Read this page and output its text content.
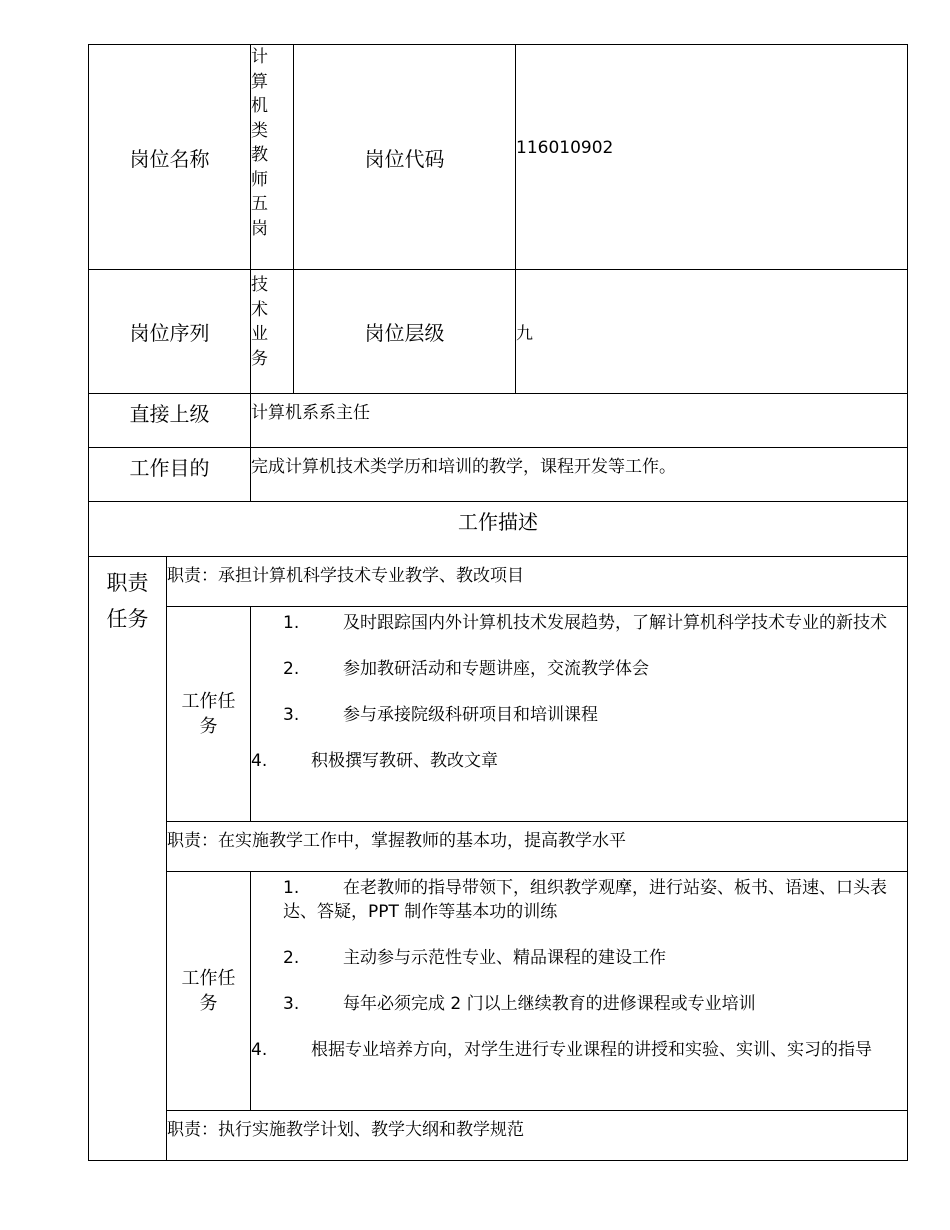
岗位名称		计算机类教师五岗	岗位代码	116010902
岗位序列		技术业务	岗位层级	九
直接上级		计算机系系主任		
工作目的		完成计算机技术类学历和培训的教学，课程开发等工作。		
工作描述				

职责任务	职责：承担计算机科学技术专业教学、教改项目			

	工作任务	1. 及时跟踪国内外计算机技术发展趋势，了解计算机科学技术专业的新技术
2. 参加教研活动和专题讲座，交流教学体会
3. 参与承接院级科研项目和培训课程
4. 积极撰写教研、教改文章		

	职责：在实施教学工作中，掌握教师的基本功，提高教学水平			

	工作任务	1. 在老教师的指导带领下，组织教学观摩，进行站姿、板书、语速、口头表达、答疑，PPT 制作等基本功的训练
2. 主动参与示范性专业、精品课程的建设工作
3. 每年必须完成 2 门以上继续教育的进修课程或专业培训
4. 根据专业培养方向，对学生进行专业课程的讲授和实验、实训、实习的指导		

	职责：执行实施教学计划、教学大纲和教学规范			
